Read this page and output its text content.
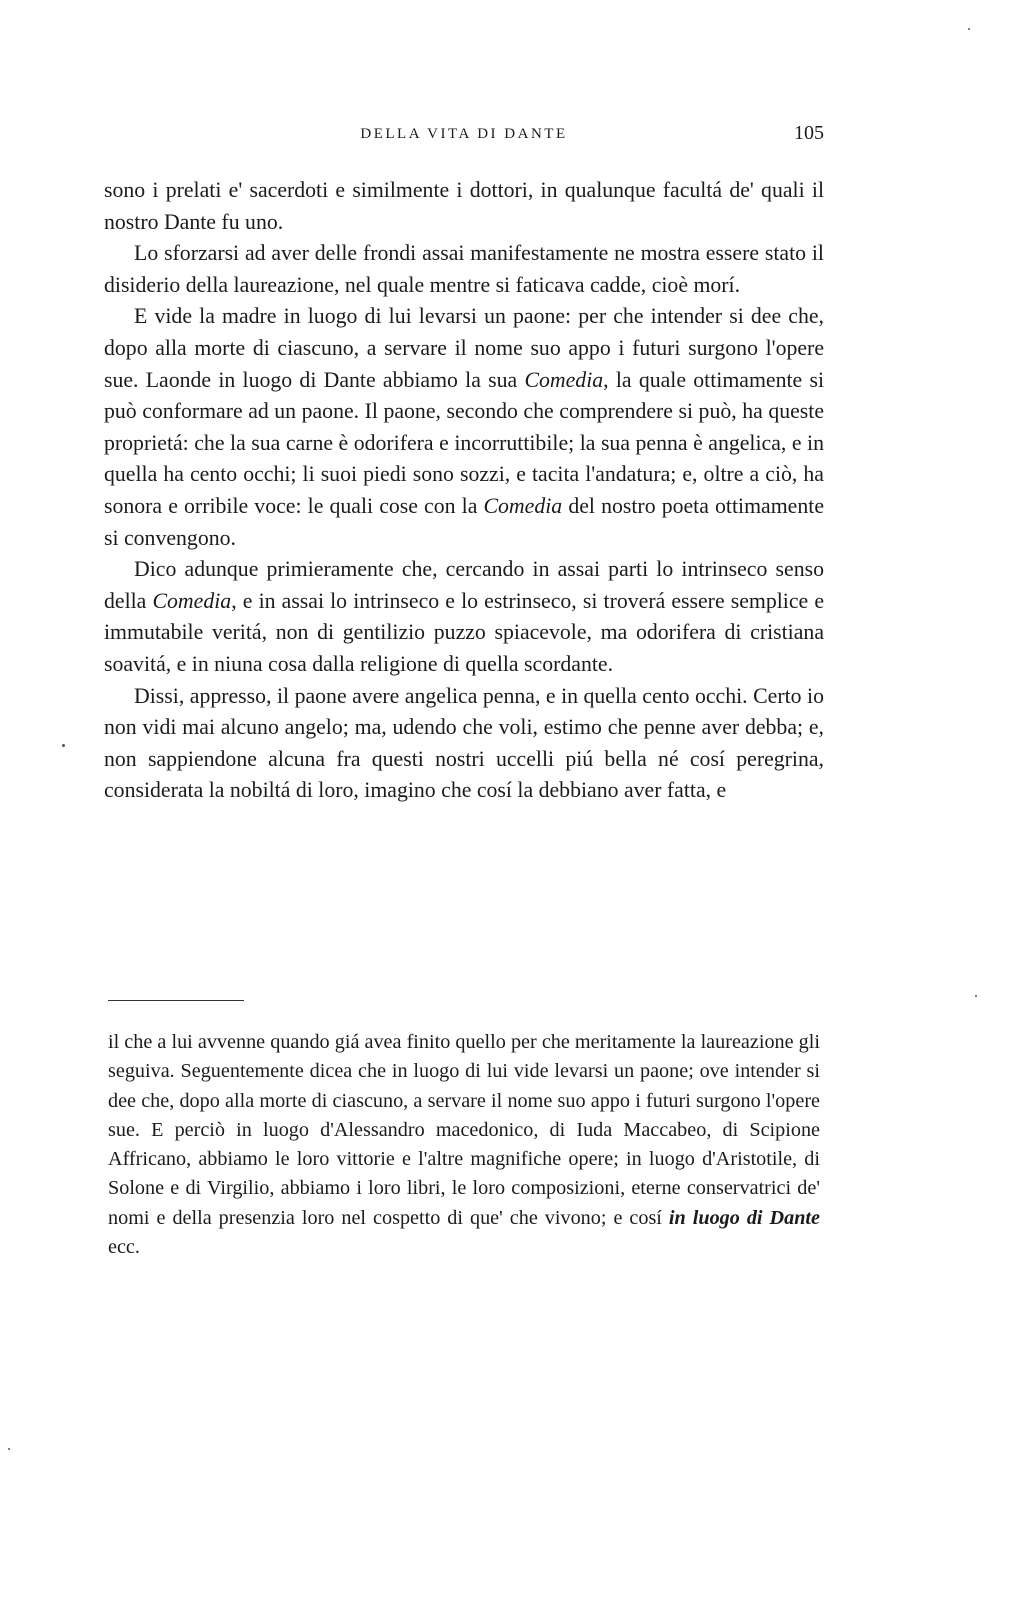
DELLA VITA DI DANTE	105

sono i prelati e' sacerdoti e similmente i dottori, in qualunque facultá de' quali il nostro Dante fu uno.

Lo sforzarsi ad aver delle frondi assai manifestamente ne mostra essere stato il disiderio della laureazione, nel quale mentre si faticava cadde, cioè morí.

E vide la madre in luogo di lui levarsi un paone: per che intender si dee che, dopo alla morte di ciascuno, a servare il nome suo appo i futuri surgono l'opere sue. Laonde in luogo di Dante abbiamo la sua Comedia, la quale ottimamente si può conformare ad un paone. Il paone, secondo che comprendere si può, ha queste proprietá: che la sua carne è odorifera e incorruttibile; la sua penna è angelica, e in quella ha cento occhi; li suoi piedi sono sozzi, e tacita l'andatura; e, oltre a ciò, ha sonora e orribile voce: le quali cose con la Comedia del nostro poeta ottimamente si convengono.

Dico adunque primieramente che, cercando in assai parti lo intrinseco senso della Comedia, e in assai lo intrinseco e lo estrinseco, si troverá essere semplice e immutabile veritá, non di gentilizio puzzo spiacevole, ma odorifera di cristiana soavitá, e in niuna cosa dalla religione di quella scordante.

Dissi, appresso, il paone avere angelica penna, e in quella cento occhi. Certo io non vidi mai alcuno angelo; ma, udendo che voli, estimo che penne aver debba; e, non sappiendone alcuna fra questi nostri uccelli piú bella né cosí peregrina, considerata la nobiltá di loro, imagino che cosí la debbiano aver fatta, e

il che a lui avvenne quando giá avea finito quello per che meritamente la laureazione gli seguiva. Seguentemente dicea che in luogo di lui vide levarsi un paone; ove intender si dee che, dopo alla morte di ciascuno, a servare il nome suo appo i futuri surgono l'opere sue. E perciò in luogo d'Alessandro macedonico, di Iuda Maccabeo, di Scipione Affricano, abbiamo le loro vittorie e l'altre magnifiche opere; in luogo d'Aristotile, di Solone e di Virgilio, abbiamo i loro libri, le loro composizioni, eterne conservatrici de' nomi e della presenzia loro nel cospetto di que' che vivono; e cosí in luogo di Dante ecc.
